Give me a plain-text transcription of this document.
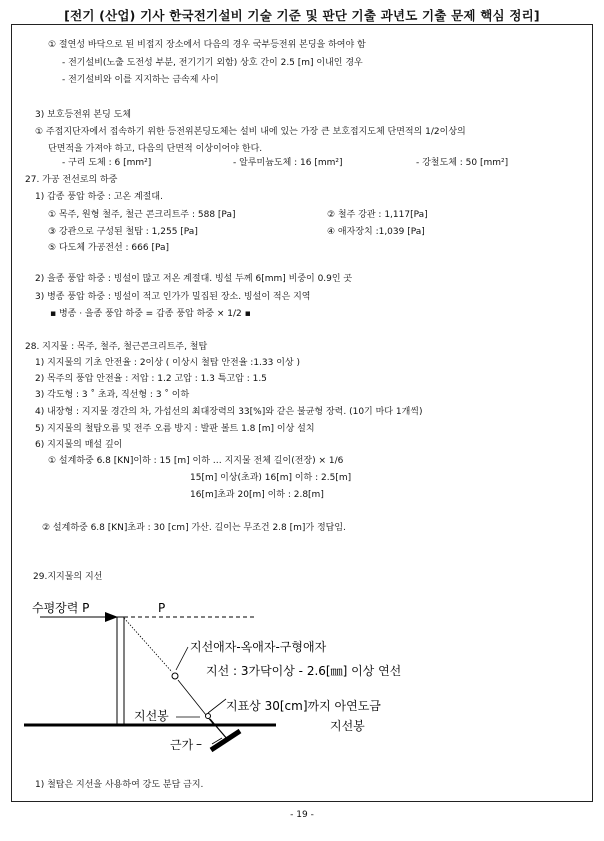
[전기 (산업) 기사 한국전기설비 기술 기준 및 판단 기출 과년도 기출 문제 핵심 정리]
① 절연성 바닥으로 된 비접지 장소에서 다음의 경우 국부등전위 본딩을 하여야 함
- 전기설비(노출 도전성 부분, 전기기기 외함) 상호 간이 2.5 [m] 이내인 경우
- 전기설비와 이를 지지하는 금속제 사이
3) 보호등전위 본딩 도체
① 주접지단자에서 접속하기 위한 등전위본딩도체는 설비 내에 있는 가장 큰 보호접지도체 단면적의 1/2이상의
단면적을 가져야 하고, 다음의 단면적 이상이어야 한다.
- 구리 도체 : 6 [mm²]	- 알루미늄도체 : 16 [mm²]	- 강철도체 : 50 [mm²]
27. 가공 전선로의 하중
1) 갑종 풍압 하중 : 고온 계절대.
① 목주, 원형 철주, 철근 콘크리트주 : 588 [Pa]	② 철주 강관 : 1,117[Pa]
③ 강관으로 구성된 철탑 : 1,255 [Pa]	④ 애자장치 :1,039 [Pa]
⑤ 다도체 가공전선 : 666 [Pa]
2) 을종 풍압 하중 : 빙설이 많고 저온 계절대. 빙설 두께 6[mm] 비중이 0.9인 곳
3) 병종 풍압 하중 : 빙설이 적고 인가가 밀집된 장소. 빙설이 적은 지역
▪ 병종 · 을종 풍압 하중 = 갑종 풍압 하중 × 1/2 ▪
28. 지지물 : 목주, 철주, 철근콘크리트주, 철탑
1) 지지물의 기초 안전율 : 2이상 ( 이상시 철탑 안전율 :1.33 이상 )
2) 목주의 풍압 안전율 : 저압 : 1.2 고압 : 1.3 특고압 : 1.5
3) 각도형 : 3 ˚ 초과, 직선형 : 3 ˚ 이하
4) 내장형 : 지지물 경간의 차, 가섭선의 최대장력의 33[%]와 같은 불균형 장력. (10기 마다 1개씩)
5) 지지물의 철탑오름 및 전주 오름 방지 : 발판 볼트 1.8 [m] 이상 설치
6) 지지물의 매설 깊이
① 설계하중 6.8 [KN]이하 : 15 [m] 이하 … 지지물 전체 길이(전장) × 1/6
15[m] 이상(초과) 16[m] 이하 : 2.5[m]
16[m]초과 20[m] 이하 : 2.8[m]
② 설계하중 6.8 [KN]초과 : 30 [cm] 가산. 길이는 무조건 2.8 [m]가 정답임.
29.지지물의 지선
수평장력 P	P
지선애자-옥애자-구형애자
지선 : 3가닥이상 - 2.6[㎜] 이상 연선
지표상 30[cm]까지 아연도금
지선봉
지선봉
근가 –
1) 철탑은 지선을 사용하여 강도 분담 금지.
- 19 -
